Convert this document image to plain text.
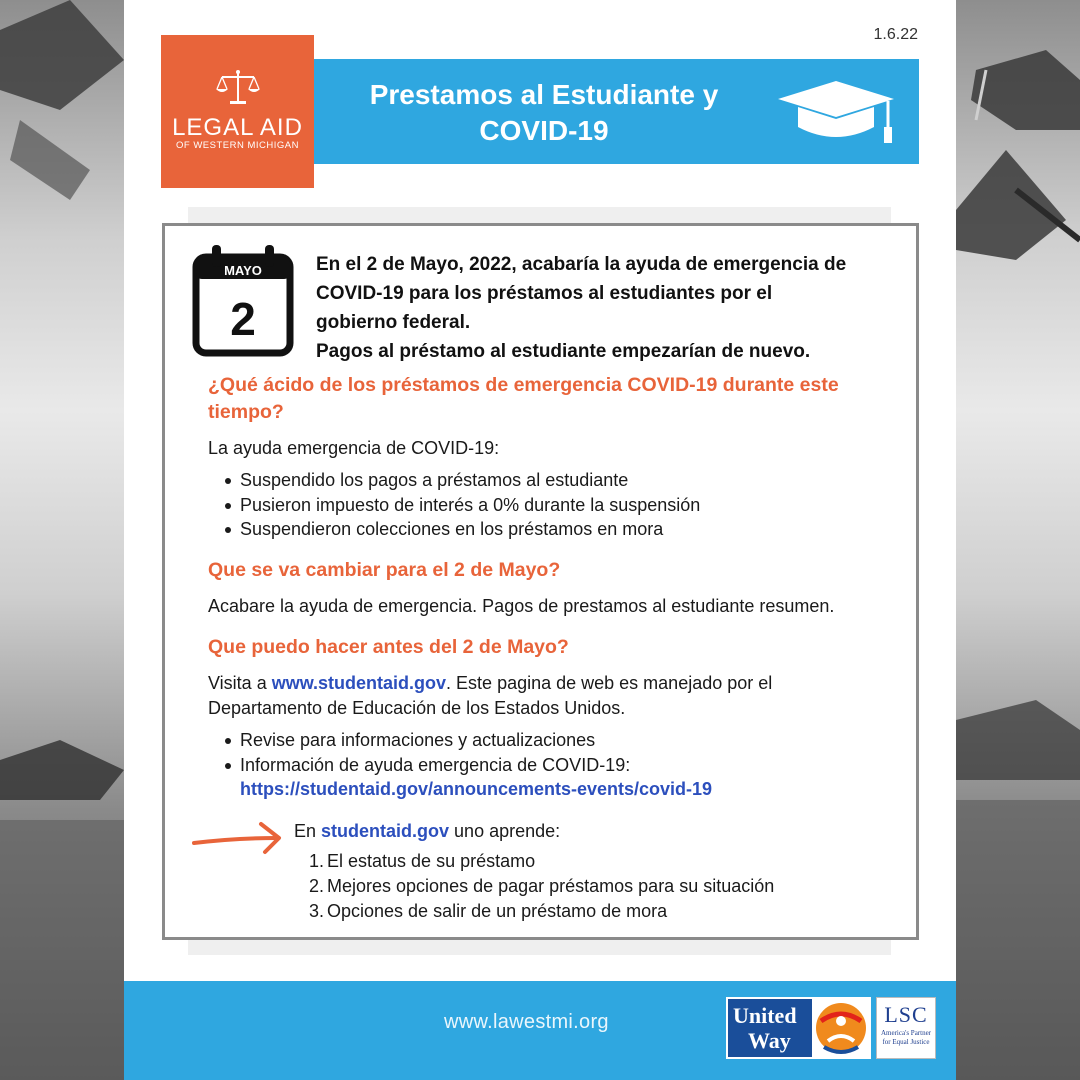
1.6.22
LEGAL AID
OF WESTERN MICHIGAN
Prestamos al Estudiante y
COVID-19
MAYO
2
En el 2 de Mayo, 2022, acabaría la ayuda de emergencia de
COVID-19 para los préstamos al estudiantes por el
gobierno federal.
Pagos al préstamo al estudiante empezarían de nuevo.
¿Qué ácido de los préstamos de emergencia COVID-19 durante este
tiempo?
La ayuda emergencia de COVID-19:
Suspendido los pagos a préstamos al estudiante
Pusieron impuesto de interés a 0% durante la suspensión
Suspendieron colecciones en los préstamos en mora
Que se va cambiar para el 2 de Mayo?
Acabare la ayuda de emergencia. Pagos de prestamos al estudiante resumen.
Que puedo hacer antes del 2 de Mayo?
Visita a www.studentaid.gov. Este pagina de web es manejado por el
Departamento de Educación de los Estados Unidos.
Revise para informaciones y actualizaciones
Información de ayuda emergencia de COVID-19:
https://studentaid.gov/announcements-events/covid-19
En studentaid.gov uno aprende:
1. El estatus de su préstamo
2. Mejores opciones de pagar préstamos para su situación
3. Opciones de salir de un préstamo de mora
www.lawestmi.org	United
Way
LSC
America's Partner
for Equal Justice
